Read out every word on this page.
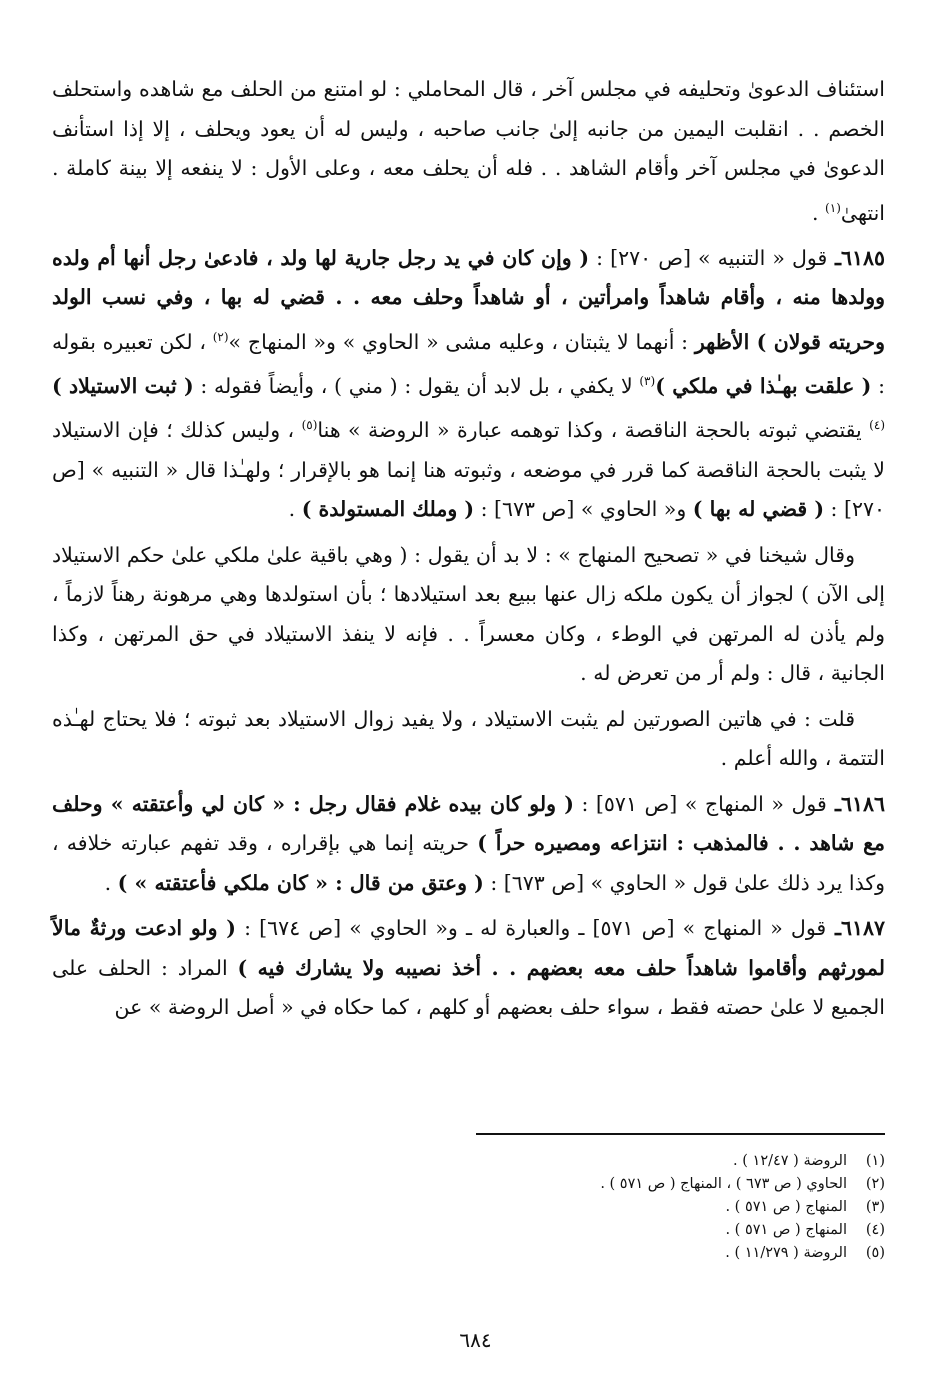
استئناف الدعوىٰ وتحليفه في مجلس آخر ، قال المحاملي : لو امتنع من الحلف مع شاهده واستحلف الخصم . . انقلبت اليمين من جانبه إلىٰ جانب صاحبه ، وليس له أن يعود ويحلف ، إلا إذا استأنف الدعوىٰ في مجلس آخر وأقام الشاهد . . فله أن يحلف معه ، وعلى الأول : لا ينفعه إلا بينة كاملة . انتهىٰ$^{(١)}$ .

٦١٨٥ـ قول « التنبيه » [ص ٢٧٠] : ( وإن كان في يد رجل جارية لها ولد ، فادعىٰ رجل أنها أم ولده وولدها منه ، وأقام شاهداً وامرأتين ، أو شاهداً وحلف معه . . قضي له بها ، وفي نسب الولد وحريته قولان ) الأظهر : أنهما لا يثبتان ، وعليه مشى « الحاوي » و« المنهاج »$^{(٢)}$ ، لكن تعبيره بقوله : ( علقت بهـٰذا في ملكي )$^{(٣)}$ لا يكفي ، بل لابد أن يقول : ( مني ) ، وأيضاً فقوله : ( ثبت الاستيلاد )$^{(٤)}$ يقتضي ثبوته بالحجة الناقصة ، وكذا توهمه عبارة « الروضة » هنا$^{(٥)}$ ، وليس كذلك ؛ فإن الاستيلاد لا يثبت بالحجة الناقصة كما قرر في موضعه ، وثبوته هنا إنما هو بالإقرار ؛ ولهـٰذا قال « التنبيه » [ص ٢٧٠] : ( قضي له بها ) و« الحاوي » [ص ٦٧٣] : ( وملك المستولدة ) .

وقال شيخنا في « تصحيح المنهاج » : لا بد أن يقول : ( وهي باقية علىٰ ملكي علىٰ حكم الاستيلاد إلى الآن ) لجواز أن يكون ملكه زال عنها ببيع بعد استيلادها ؛ بأن استولدها وهي مرهونة رهناً لازماً ، ولم يأذن له المرتهن في الوطء ، وكان معسراً . . فإنه لا ينفذ الاستيلاد في حق المرتهن ، وكذا الجانية ، قال : ولم أر من تعرض له .

قلت : في هاتين الصورتين لم يثبت الاستيلاد ، ولا يفيد زوال الاستيلاد بعد ثبوته ؛ فلا يحتاج لهـٰذه التتمة ، والله أعلم .

٦١٨٦ـ قول « المنهاج » [ص ٥٧١] : ( ولو كان بيده غلام فقال رجل : « كان لي وأعتقته » وحلف مع شاهد . . فالمذهب : انتزاعه ومصيره حراً ) حريته إنما هي بإقراره ، وقد تفهم عبارته خلافه ، وكذا يرد ذلك علىٰ قول « الحاوي » [ص ٦٧٣] : ( وعتق من قال : « كان ملكي فأعتقته » ) .

٦١٨٧ـ قول « المنهاج » [ص ٥٧١] ـ والعبارة له ـ و« الحاوي » [ص ٦٧٤] : ( ولو ادعت ورثةٌ مالاً لمورثهم وأقاموا شاهداً حلف معه بعضهم . . أخذ نصيبه ولا يشارك فيه ) المراد : الحلف على الجميع لا علىٰ حصته فقط ، سواء حلف بعضهم أو كلهم ، كما حكاه في « أصل الروضة » عن

(١)الروضة ( ١٢/٤٧ ) .
(٢)الحاوي ( ص ٦٧٣ ) ، المنهاج ( ص ٥٧١ ) .
(٣)المنهاج ( ص ٥٧١ ) .
(٤)المنهاج ( ص ٥٧١ ) .
(٥)الروضة ( ١١/٢٧٩ ) .
٦٨٤
